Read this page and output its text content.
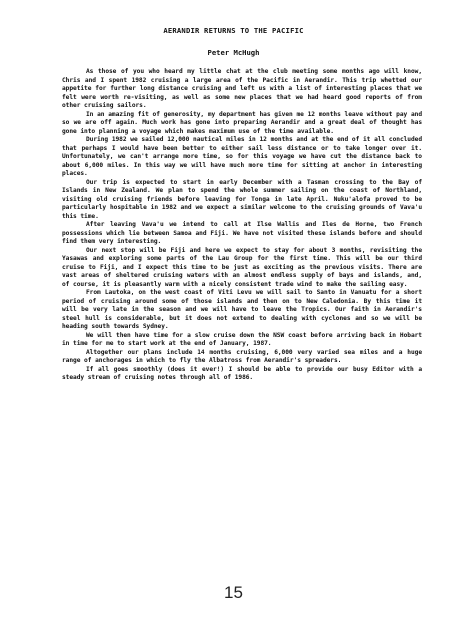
AERANDIR RETURNS TO THE PACIFIC
Peter McHugh

As those of you who heard my little chat at the club meeting some months ago will know, Chris and I spent 1982 cruising a large area of the Pacific in Aerandir. This trip whetted our appetite for further long distance cruising and left us with a list of interesting places that we felt were worth re-visiting, as well as some new places that we had heard good reports of from other cruising sailors.

In an amazing fit of generosity, my department has given me 12 months leave without pay and so we are off again. Much work has gone into preparing Aerandir and a great deal of thought has gone into planning a voyage which makes maximum use of the time available.

During 1982 we sailed 12,000 nautical miles in 12 months and at the end of it all concluded that perhaps I would have been better to either sail less distance or to take longer over it. Unfortunately, we can't arrange more time, so for this voyage we have cut the distance back to about 6,000 miles. In this way we will have much more time for sitting at anchor in interesting places.

Our trip is expected to start in early December with a Tasman crossing to the Bay of Islands in New Zealand. We plan to spend the whole summer sailing on the coast of Northland, visiting old cruising friends before leaving for Tonga in late April. Nuku'alofa proved to be particularly hospitable in 1982 and we expect a similar welcome to the cruising grounds of Vava'u this time.

After leaving Vava'u we intend to call at Ilse Wallis and Iles de Horne, two French possessions which lie between Samoa and Fiji. We have not visited these islands before and should find them very interesting.

Our next stop will be Fiji and here we expect to stay for about 3 months, revisiting the Yasawas and exploring some parts of the Lau Group for the first time. This will be our third cruise to Fiji, and I expect this time to be just as exciting as the previous visits. There are vast areas of sheltered cruising waters with an almost endless supply of bays and islands, and, of course, it is pleasantly warm with a nicely consistent trade wind to make the sailing easy.

From Lautoka, on the west coast of Viti Levu we will sail to Santo in Vanuatu for a short period of cruising around some of those islands and then on to New Caledonia. By this time it will be very late in the season and we will have to leave the Tropics. Our faith in Aerandir's steel hull is considerable, but it does not extend to dealing with cyclones and so we will be heading south towards Sydney.

We will then have time for a slow cruise down the NSW coast before arriving back in Hobart in time for me to start work at the end of January, 1987.

Altogether our plans include 14 months cruising, 6,000 very varied sea miles and a huge range of anchorages in which to fly the Albatross from Aerandir's spreaders.

If all goes smoothly (does it ever!) I should be able to provide our busy Editor with a steady stream of cruising notes through all of 1986.

15
